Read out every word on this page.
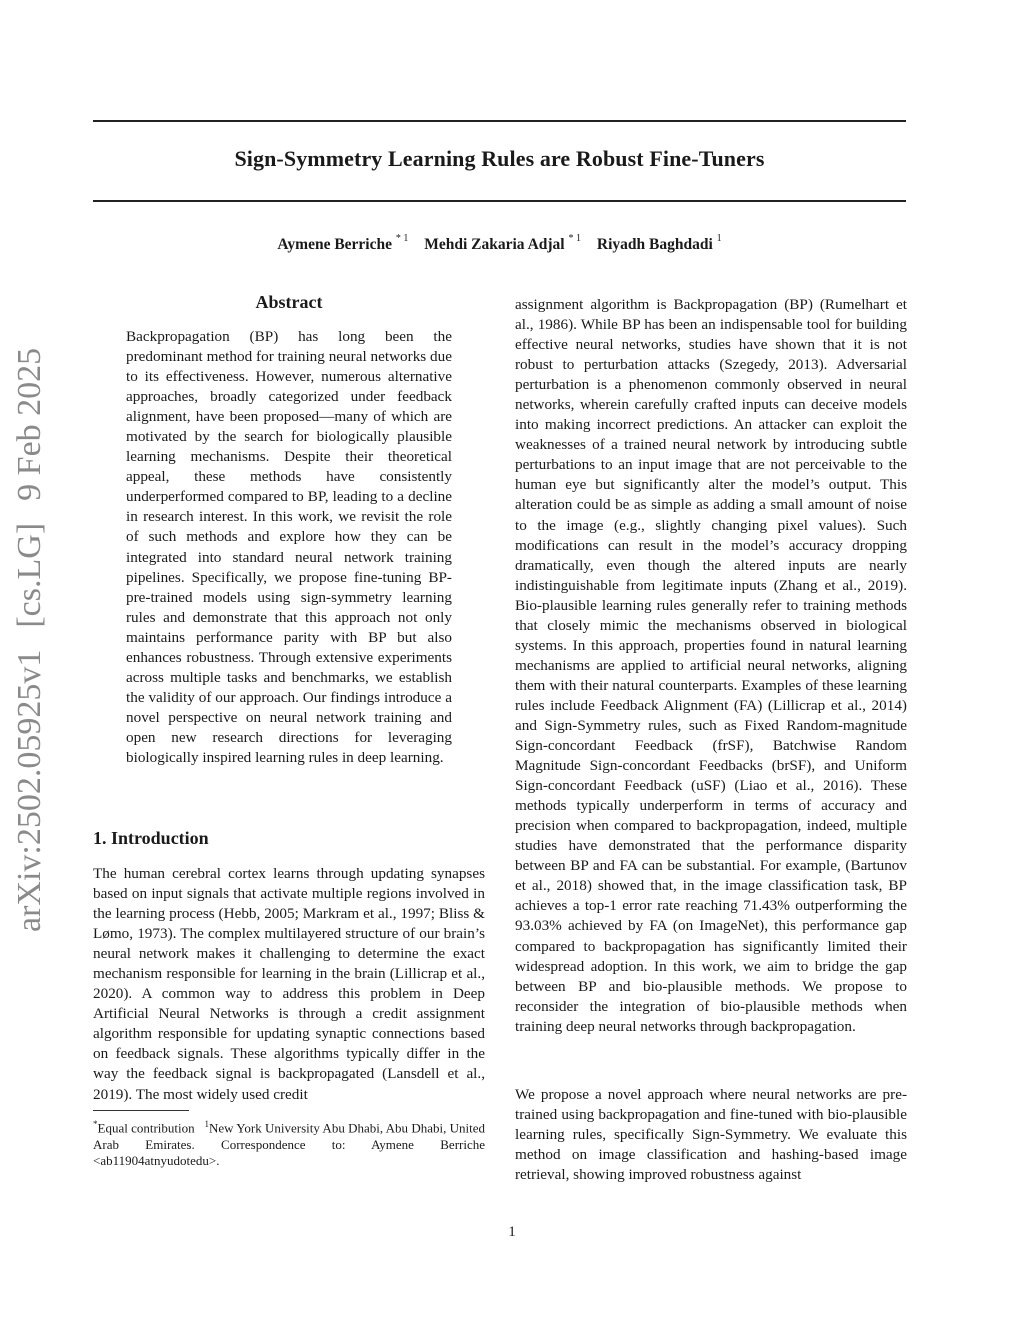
Sign-Symmetry Learning Rules are Robust Fine-Tuners
Aymene Berriche $^{* 1}$ Mehdi Zakaria Adjal $^{* 1}$ Riyadh Baghdadi $^1$
arXiv:2502.05925v1[cs.LG]9 Feb 2025
Abstract

Backpropagation (BP) has long been the predominant method for training neural networks due to its effectiveness. However, numerous alternative approaches, broadly categorized under feedback alignment, have been proposed—many of which are motivated by the search for biologically plausible learning mechanisms. Despite their theoretical appeal, these methods have consistently underperformed compared to BP, leading to a decline in research interest. In this work, we revisit the role of such methods and explore how they can be integrated into standard neural network training pipelines. Specifically, we propose fine-tuning BP-pre-trained models using sign-symmetry learning rules and demonstrate that this approach not only maintains performance parity with BP but also enhances robustness. Through extensive experiments across multiple tasks and benchmarks, we establish the validity of our approach. Our findings introduce a novel perspective on neural network training and open new research directions for leveraging biologically inspired learning rules in deep learning.

1. Introduction

The human cerebral cortex learns through updating synapses based on input signals that activate multiple regions involved in the learning process (Hebb, 2005; Markram et al., 1997; Bliss & Lømo, 1973). The complex multilayered structure of our brain’s neural network makes it challenging to determine the exact mechanism responsible for learning in the brain (Lillicrap et al., 2020). A common way to address this problem in Deep Artificial Neural Networks is through a credit assignment algorithm responsible for updating synaptic connections based on feedback signals. These algorithms typically differ in the way the feedback signal is backpropagated (Lansdell et al., 2019). The most widely used credit

*Equal contribution $^1$New York University Abu Dhabi, Abu Dhabi, United Arab Emirates. Correspondence to: Aymene Berriche <ab11904atnyudotedu>.

assignment algorithm is Backpropagation (BP) (Rumelhart et al., 1986). While BP has been an indispensable tool for building effective neural networks, studies have shown that it is not robust to perturbation attacks (Szegedy, 2013). Adversarial perturbation is a phenomenon commonly observed in neural networks, wherein carefully crafted inputs can deceive models into making incorrect predictions. An attacker can exploit the weaknesses of a trained neural network by introducing subtle perturbations to an input image that are not perceivable to the human eye but significantly alter the model’s output. This alteration could be as simple as adding a small amount of noise to the image (e.g., slightly changing pixel values). Such modifications can result in the model’s accuracy dropping dramatically, even though the altered inputs are nearly indistinguishable from legitimate inputs (Zhang et al., 2019). Bio-plausible learning rules generally refer to training methods that closely mimic the mechanisms observed in biological systems. In this approach, properties found in natural learning mechanisms are applied to artificial neural networks, aligning them with their natural counterparts. Examples of these learning rules include Feedback Alignment (FA) (Lillicrap et al., 2014) and Sign-Symmetry rules, such as Fixed Random-magnitude Sign-concordant Feedback (frSF), Batchwise Random Magnitude Sign-concordant Feedbacks (brSF), and Uniform Sign-concordant Feedback (uSF) (Liao et al., 2016). These methods typically underperform in terms of accuracy and precision when compared to backpropagation, indeed, multiple studies have demonstrated that the performance disparity between BP and FA can be substantial. For example, (Bartunov et al., 2018) showed that, in the image classification task, BP achieves a top-1 error rate reaching 71.43% outperforming the 93.03% achieved by FA (on ImageNet), this performance gap compared to backpropagation has significantly limited their widespread adoption. In this work, we aim to bridge the gap between BP and bio-plausible methods. We propose to reconsider the integration of bio-plausible methods when training deep neural networks through backpropagation.

We propose a novel approach where neural networks are pre-trained using backpropagation and fine-tuned with bio-plausible learning rules, specifically Sign-Symmetry. We evaluate this method on image classification and hashing-based image retrieval, showing improved robustness against

1
